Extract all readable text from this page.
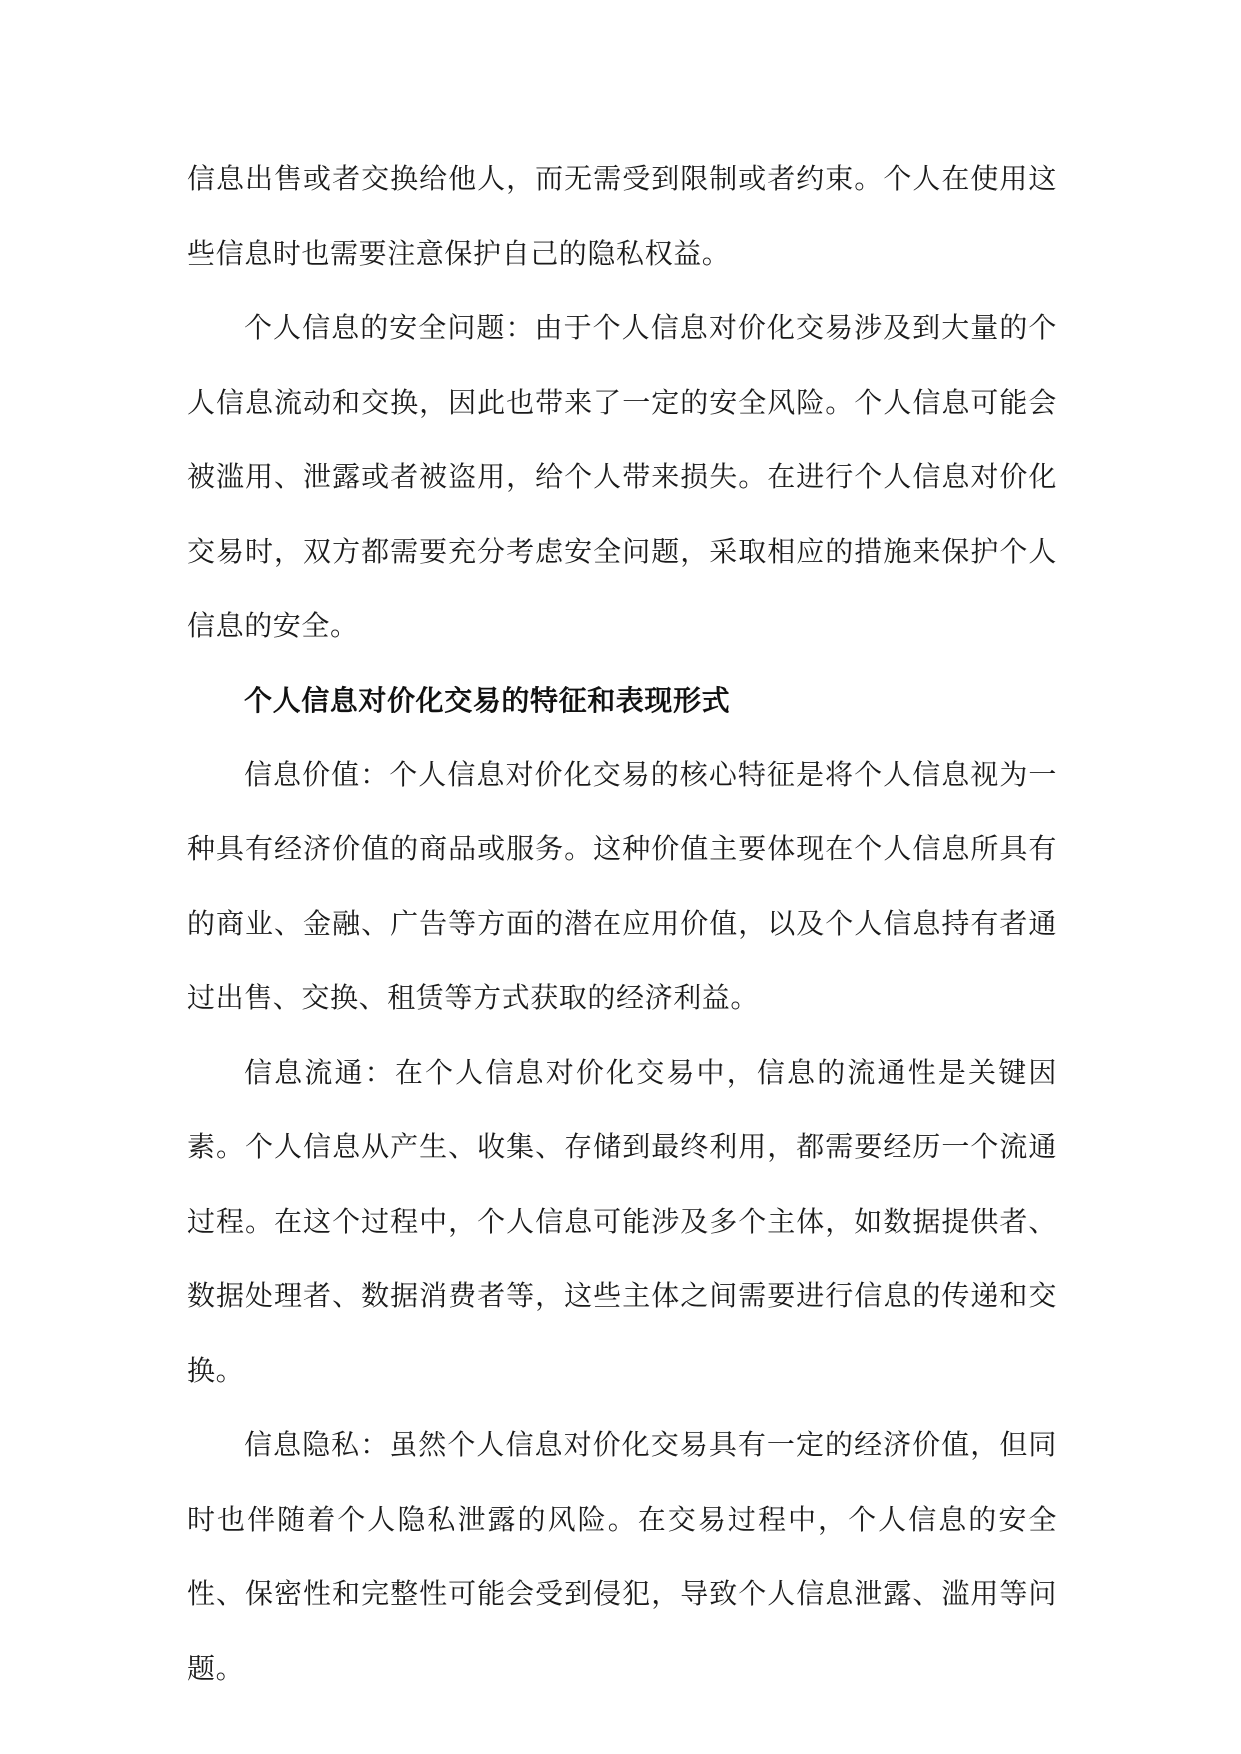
信息出售或者交换给他人，而无需受到限制或者约束。个人在使用这些信息时也需要注意保护自己的隐私权益。

个人信息的安全问题：由于个人信息对价化交易涉及到大量的个人信息流动和交换，因此也带来了一定的安全风险。个人信息可能会被滥用、泄露或者被盗用，给个人带来损失。在进行个人信息对价化交易时，双方都需要充分考虑安全问题，采取相应的措施来保护个人信息的安全。

个人信息对价化交易的特征和表现形式

信息价值：个人信息对价化交易的核心特征是将个人信息视为一种具有经济价值的商品或服务。这种价值主要体现在个人信息所具有的商业、金融、广告等方面的潜在应用价值，以及个人信息持有者通过出售、交换、租赁等方式获取的经济利益。

信息流通：在个人信息对价化交易中，信息的流通性是关键因素。个人信息从产生、收集、存储到最终利用，都需要经历一个流通过程。在这个过程中，个人信息可能涉及多个主体，如数据提供者、数据处理者、数据消费者等，这些主体之间需要进行信息的传递和交换。

信息隐私：虽然个人信息对价化交易具有一定的经济价值，但同时也伴随着个人隐私泄露的风险。在交易过程中，个人信息的安全性、保密性和完整性可能会受到侵犯，导致个人信息泄露、滥用等问题。
